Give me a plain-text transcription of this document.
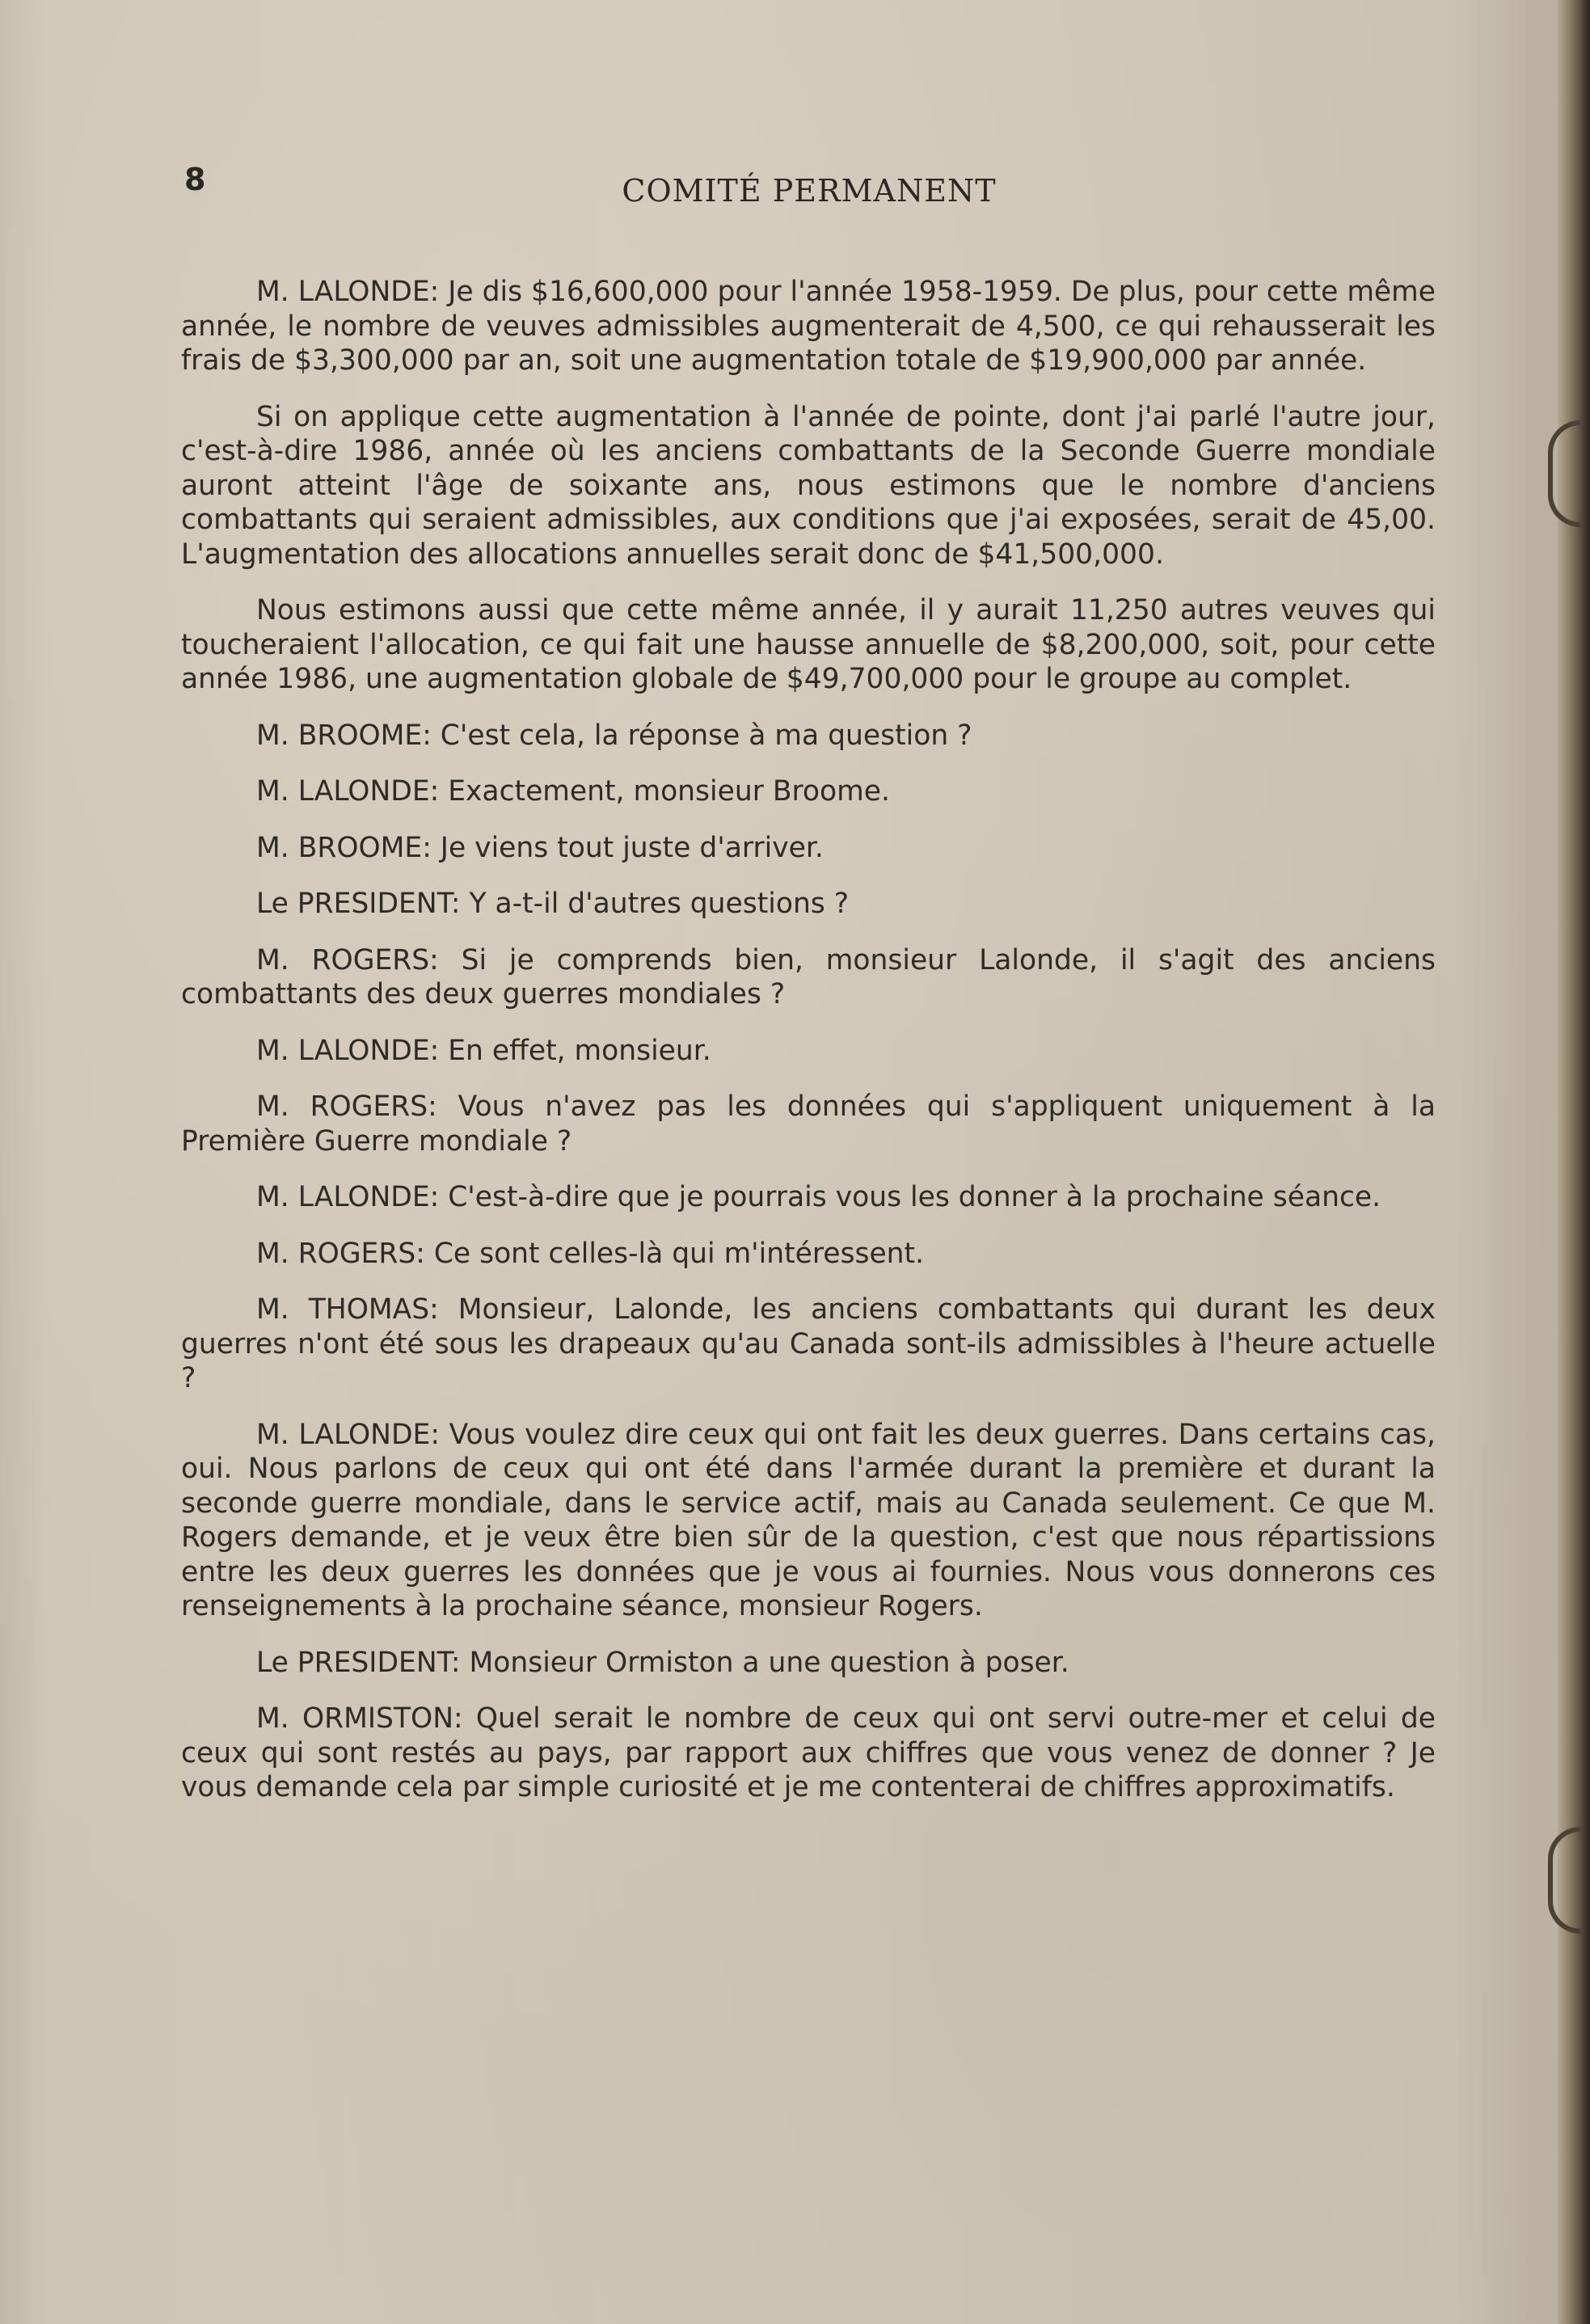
8	COMITÉ PERMANENT

M. LALONDE: Je dis $16,600,000 pour l'année 1958-1959. De plus, pour cette même année, le nombre de veuves admissibles augmenterait de 4,500, ce qui rehausserait les frais de $3,300,000 par an, soit une augmentation totale de $19,900,000 par année.

Si on applique cette augmentation à l'année de pointe, dont j'ai parlé l'autre jour, c'est-à-dire 1986, année où les anciens combattants de la Seconde Guerre mondiale auront atteint l'âge de soixante ans, nous estimons que le nombre d'anciens combattants qui seraient admissibles, aux conditions que j'ai exposées, serait de 45,00. L'augmentation des allocations annuelles serait donc de $41,500,000.

Nous estimons aussi que cette même année, il y aurait 11,250 autres veuves qui toucheraient l'allocation, ce qui fait une hausse annuelle de $8,200,000, soit, pour cette année 1986, une augmentation globale de $49,700,000 pour le groupe au complet.

M. BROOME: C'est cela, la réponse à ma question ?

M. LALONDE: Exactement, monsieur Broome.

M. BROOME: Je viens tout juste d'arriver.

Le PRESIDENT: Y a-t-il d'autres questions ?

M. ROGERS: Si je comprends bien, monsieur Lalonde, il s'agit des anciens combattants des deux guerres mondiales ?

M. LALONDE: En effet, monsieur.

M. ROGERS: Vous n'avez pas les données qui s'appliquent uniquement à la Première Guerre mondiale ?

M. LALONDE: C'est-à-dire que je pourrais vous les donner à la prochaine séance.

M. ROGERS: Ce sont celles-là qui m'intéressent.

M. THOMAS: Monsieur, Lalonde, les anciens combattants qui durant les deux guerres n'ont été sous les drapeaux qu'au Canada sont-ils admissibles à l'heure actuelle ?

M. LALONDE: Vous voulez dire ceux qui ont fait les deux guerres. Dans certains cas, oui. Nous parlons de ceux qui ont été dans l'armée durant la première et durant la seconde guerre mondiale, dans le service actif, mais au Canada seulement. Ce que M. Rogers demande, et je veux être bien sûr de la question, c'est que nous répartissions entre les deux guerres les données que je vous ai fournies. Nous vous donnerons ces renseignements à la prochaine séance, monsieur Rogers.

Le PRESIDENT: Monsieur Ormiston a une question à poser.

M. ORMISTON: Quel serait le nombre de ceux qui ont servi outre-mer et celui de ceux qui sont restés au pays, par rapport aux chiffres que vous venez de donner ? Je vous demande cela par simple curiosité et je me contenterai de chiffres approximatifs.
